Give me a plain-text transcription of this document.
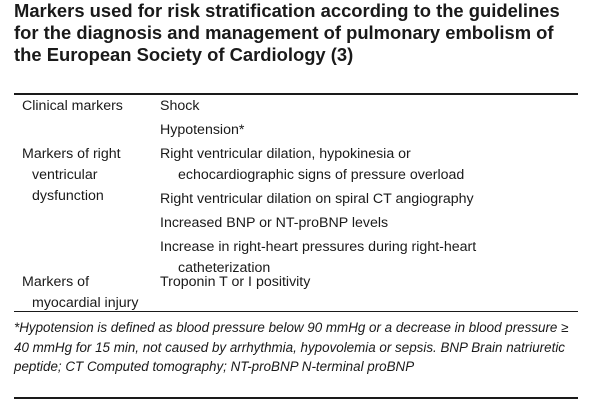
Markers used for risk stratification according to the guidelines for the diagnosis and management of pulmonary embolism of the European Society of Cardiology (3)
Clinical markers	Shock
Hypotension*
Markers of right
ventricular
dysfunction
Right ventricular dilation, hypokinesia or
echocardiographic signs of pressure overload
Right ventricular dilation on spiral CT angiography
Increased BNP or NT-proBNP levels
Increase in right-heart pressures during right-heart
catheterization
Markers of
myocardial injury
Troponin T or I positivity

*Hypotension is defined as blood pressure below 90 mmHg or a decrease in blood pressure ≥ 40 mmHg for 15 min, not caused by arrhythmia, hypovolemia or sepsis. BNP Brain natriuretic peptide; CT Computed tomography; NT-proBNP N-terminal proBNP
